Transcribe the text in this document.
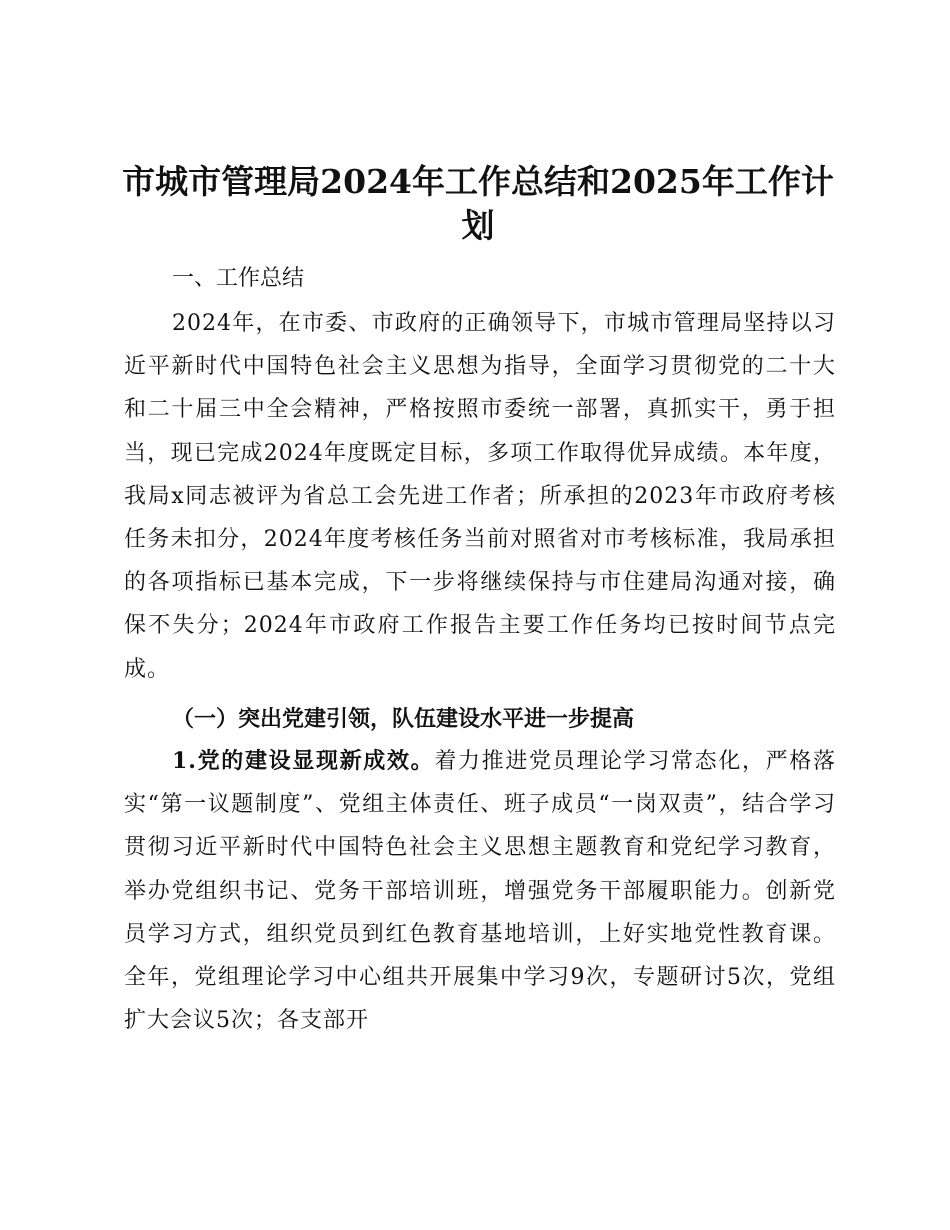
市城市管理局2024年工作总结和2025年工作计划
一、工作总结
2024年，在市委、市政府的正确领导下，市城市管理局坚持以习近平新时代中国特色社会主义思想为指导，全面学习贯彻党的二十大和二十届三中全会精神，严格按照市委统一部署，真抓实干，勇于担当，现已完成2024年度既定目标，多项工作取得优异成绩。本年度，我局x同志被评为省总工会先进工作者；所承担的2023年市政府考核任务未扣分，2024年度考核任务当前对照省对市考核标准，我局承担的各项指标已基本完成，下一步将继续保持与市住建局沟通对接，确保不失分；2024年市政府工作报告主要工作任务均已按时间节点完成。
（一）突出党建引领，队伍建设水平进一步提高
1.党的建设显现新成效。着力推进党员理论学习常态化，严格落实“第一议题制度”、党组主体责任、班子成员“一岗双责”，结合学习贯彻习近平新时代中国特色社会主义思想主题教育和党纪学习教育，举办党组织书记、党务干部培训班，增强党务干部履职能力。创新党员学习方式，组织党员到红色教育基地培训，上好实地党性教育课。全年，党组理论学习中心组共开展集中学习9次，专题研讨5次，党组扩大会议5次；各支部开
